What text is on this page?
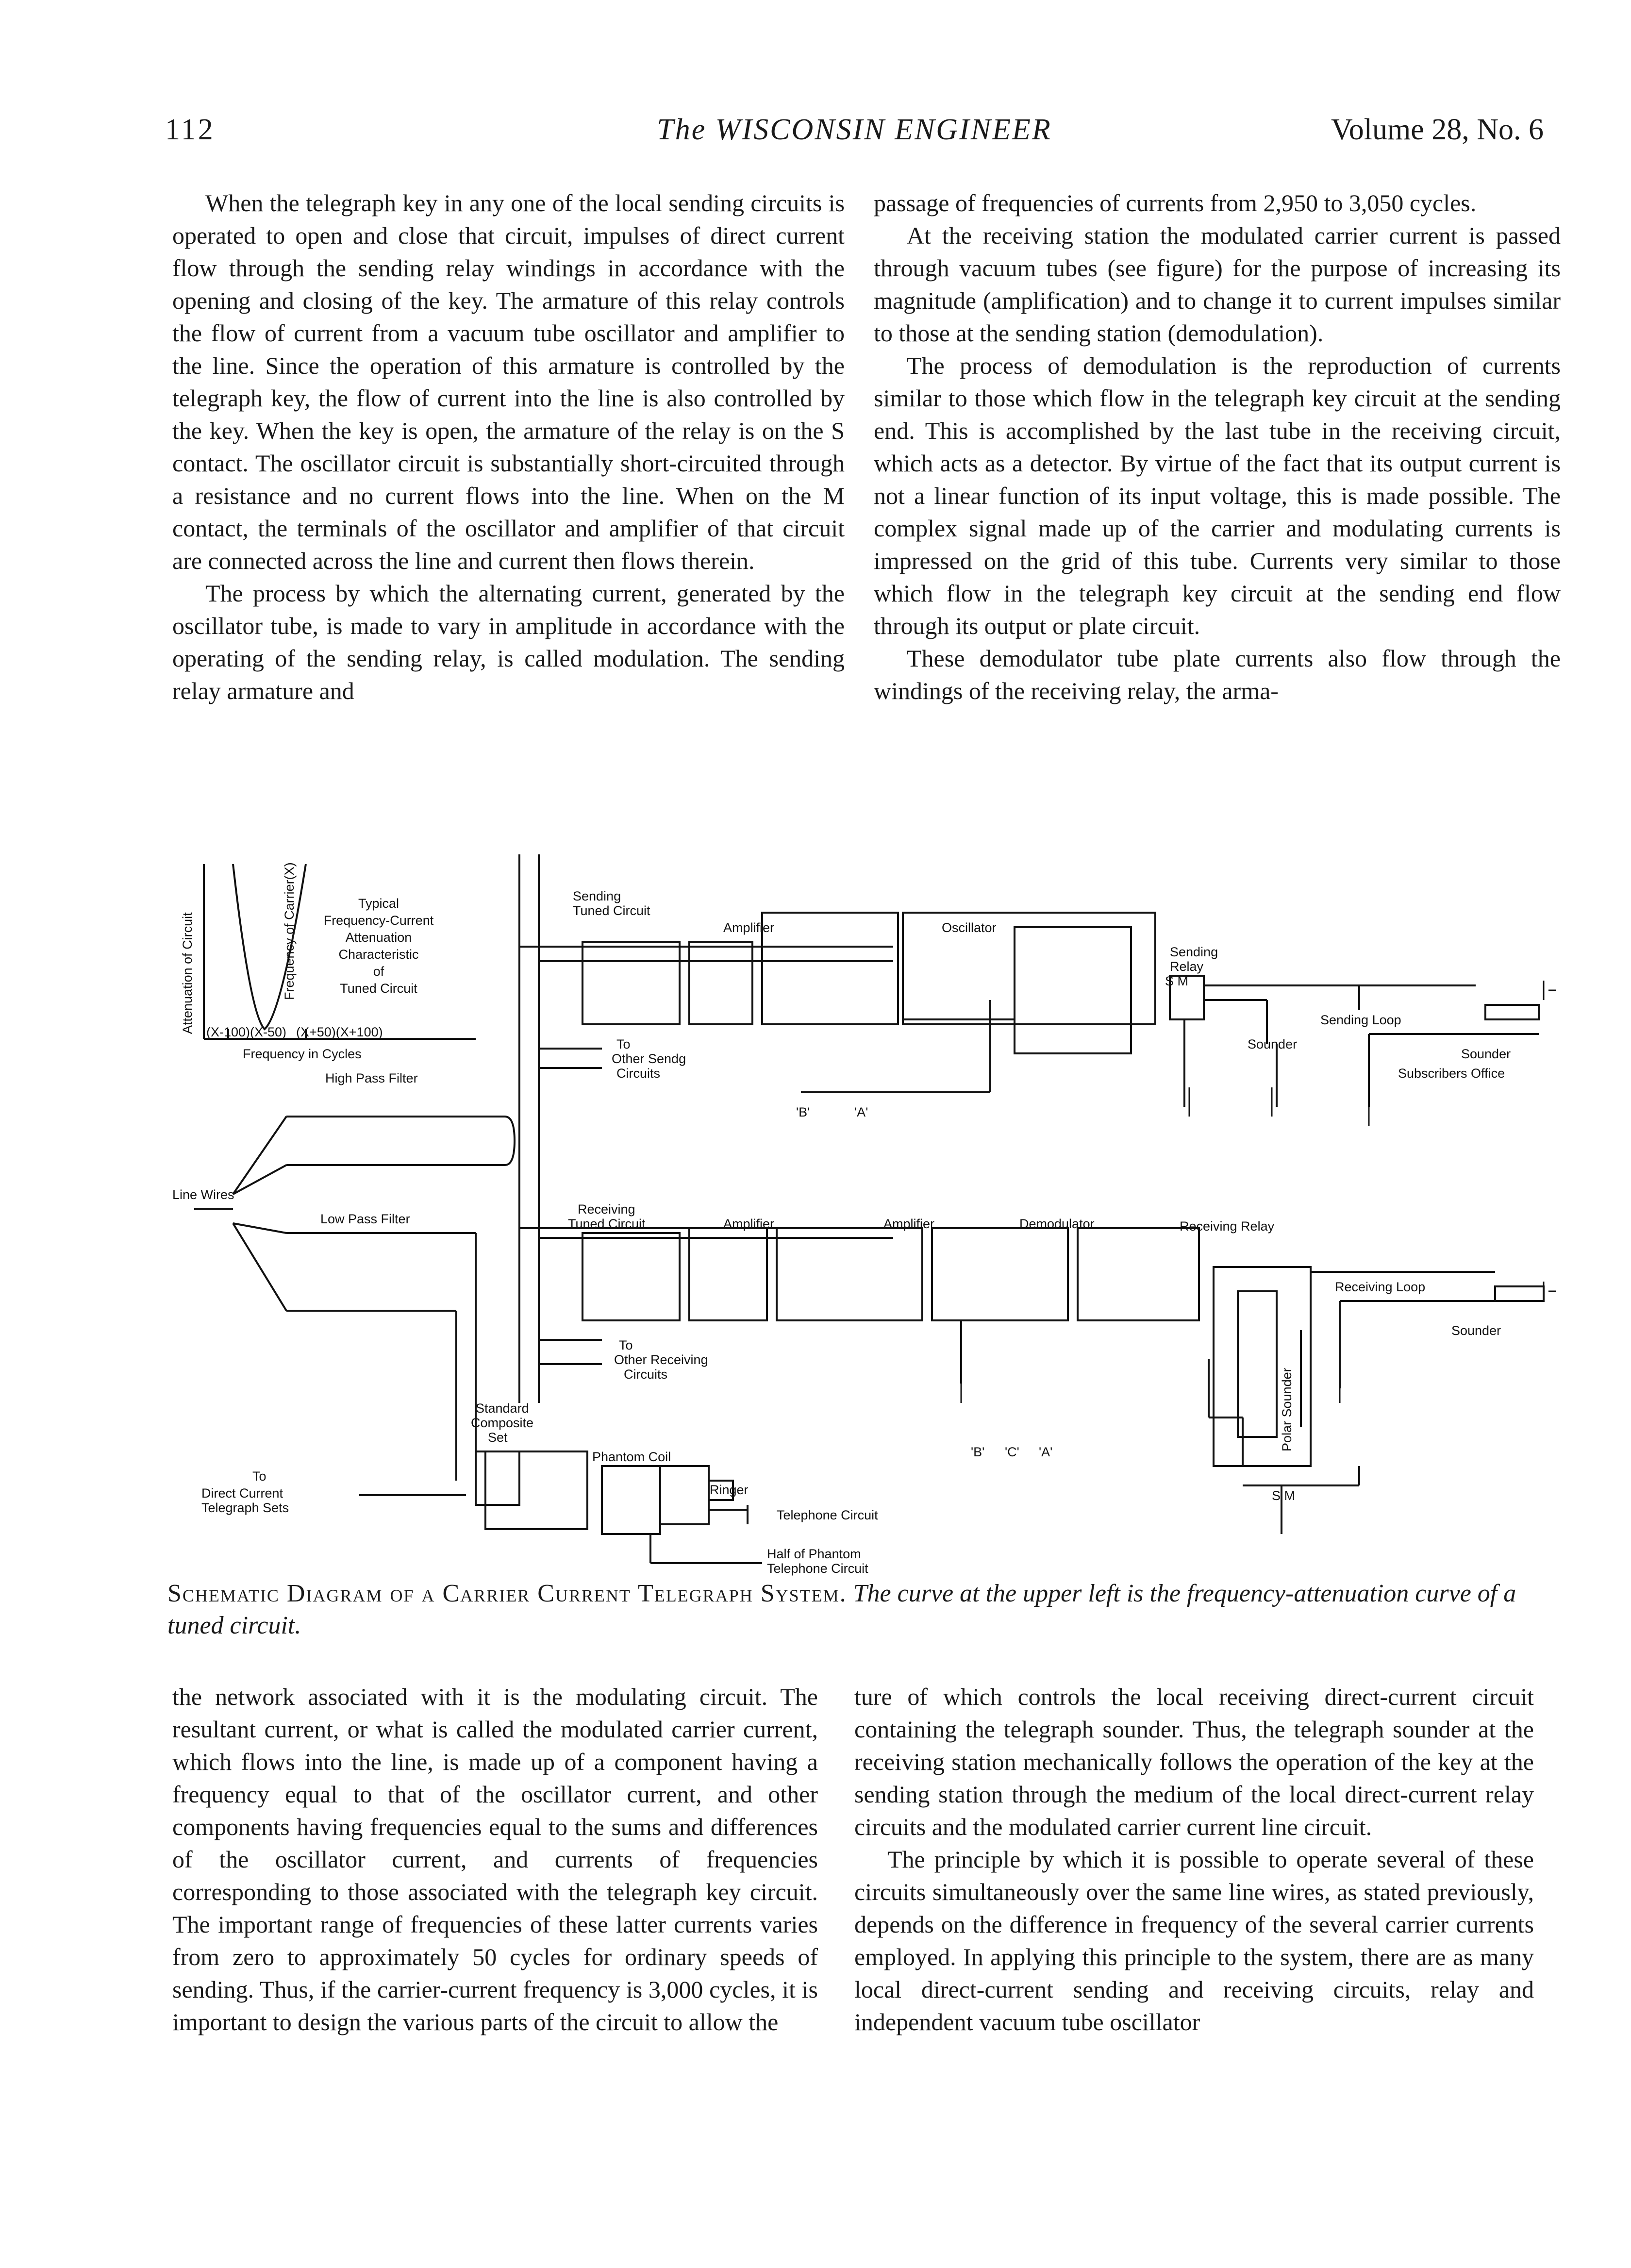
112	The WISCONSIN ENGINEER	Volume 28, No. 6

When the telegraph key in any one of the local sending circuits is operated to open and close that circuit, impulses of direct current flow through the sending relay windings in accordance with the opening and closing of the key. The armature of this relay controls the flow of current from a vacuum tube oscillator and amplifier to the line. Since the operation of this armature is controlled by the telegraph key, the flow of current into the line is also controlled by the key. When the key is open, the armature of the relay is on the S contact. The oscillator circuit is substantially short-circuited through a resistance and no current flows into the line. When on the M contact, the terminals of the oscillator and amplifier of that circuit are connected across the line and current then flows therein.

The process by which the alternating current, generated by the oscillator tube, is made to vary in amplitude in accordance with the operating of the sending relay, is called modulation. The sending relay armature and

passage of frequencies of currents from 2,950 to 3,050 cycles.

At the receiving station the modulated carrier current is passed through vacuum tubes (see figure) for the purpose of increasing its magnitude (amplification) and to change it to current impulses similar to those at the sending station (demodulation).

The process of demodulation is the reproduction of currents similar to those which flow in the telegraph key circuit at the sending end. This is accomplished by the last tube in the receiving circuit, which acts as a detector. By virtue of the fact that its output current is not a linear function of its input voltage, this is made possible. The complex signal made up of the carrier and modulating currents is impressed on the grid of this tube. Currents very similar to those which flow in the telegraph key circuit at the sending end flow through its output or plate circuit.

These demodulator tube plate currents also flow through the windings of the receiving relay, the arma-

Attenuation of Circuit	Frequency of Carrier(X)
(X-100)(X-50) (X+50)(X+100)
Frequency in Cycles
Typical
Frequency-Current
Attenuation
Characteristic
of
Tuned Circuit
High Pass Filter
Line Wires
Low Pass Filter
Sending
Tuned Circuit
Amplifier	Oscillator
Sending
Relay
S M
To
Other Sendg
Circuits
'B'	'A'
Sounder
Sending Loop
Sounder
Subscribers Office
Receiving
Tuned Circuit	Amplifier	Amplifier	Demodulator	Receiving Relay
Receiving Loop
Sounder
To
Other Receiving
Circuits
'B' 'C' 'A'
Polar Sounder
S M
Standard
Composite
Set
Phantom Coil
Ringer
Telephone Circuit
To
Direct Current
Telegraph Sets
Half of Phantom
Telephone Circuit
Schematic Diagram of a Carrier Current Telegraph System. The curve at the upper left is the frequency-attenuation curve of a tuned circuit.

the network associated with it is the modulating circuit. The resultant current, or what is called the modulated carrier current, which flows into the line, is made up of a component having a frequency equal to that of the oscillator current, and other components having frequencies equal to the sums and differences of the oscillator current, and currents of frequencies corresponding to those associated with the telegraph key circuit. The important range of frequencies of these latter currents varies from zero to approximately 50 cycles for ordinary speeds of sending. Thus, if the carrier-current frequency is 3,000 cycles, it is important to design the various parts of the circuit to allow the

ture of which controls the local receiving direct-current circuit containing the telegraph sounder. Thus, the telegraph sounder at the receiving station mechanically follows the operation of the key at the sending station through the medium of the local direct-current relay circuits and the modulated carrier current line circuit.

The principle by which it is possible to operate several of these circuits simultaneously over the same line wires, as stated previously, depends on the difference in frequency of the several carrier currents employed. In applying this principle to the system, there are as many local direct-current sending and receiving circuits, relay and independent vacuum tube oscillator
